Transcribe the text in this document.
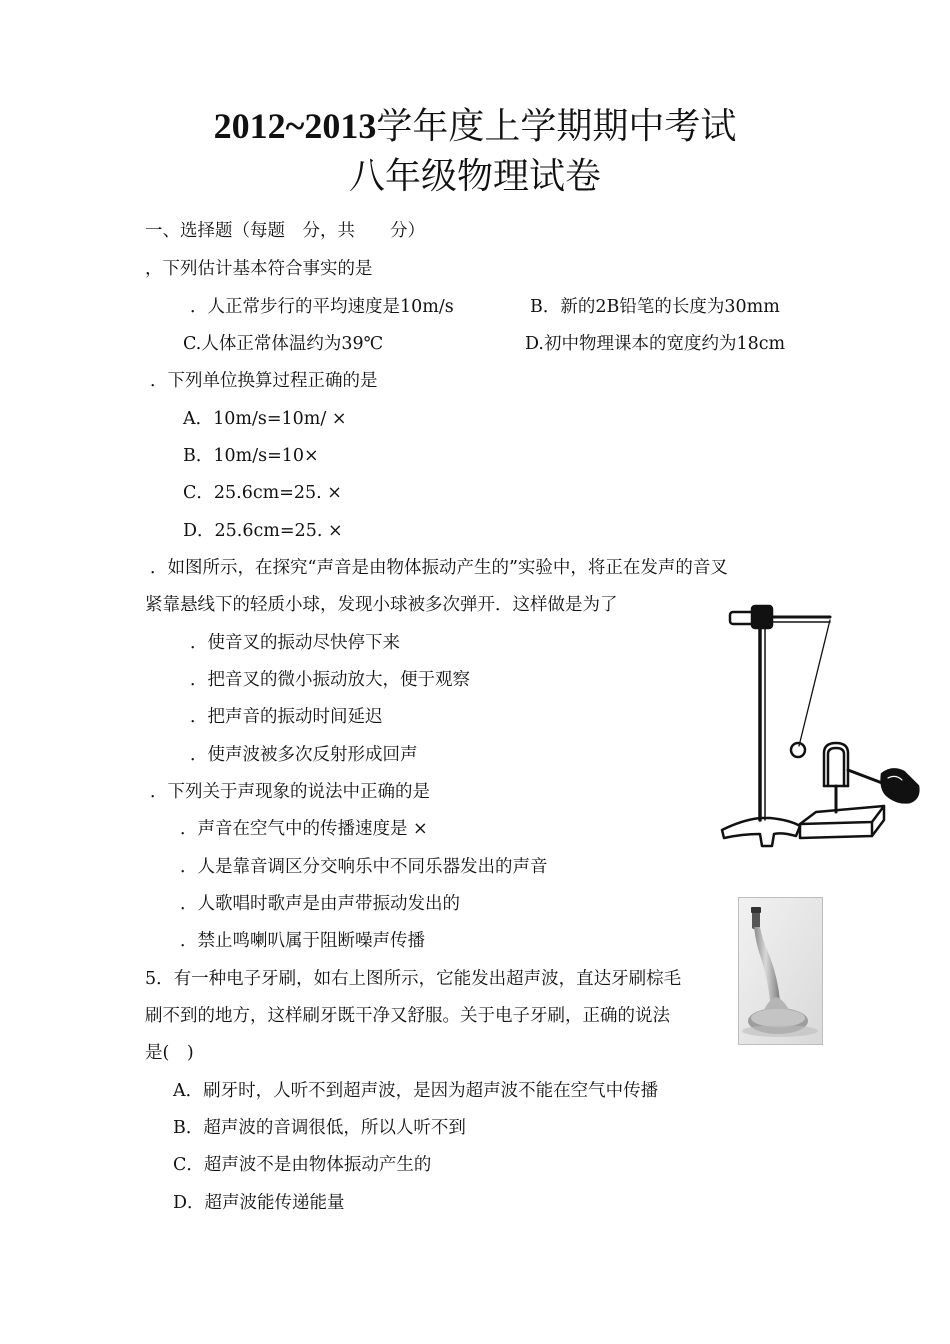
2012~2013学年度上学期期中考试
八年级物理试卷
一、选择题（每题　分，共　　分）
，下列估计基本符合事实的是
．人正常步行的平均速度是10m/s	B．新的2B铅笔的长度为30mm
C.人体正常体温约为39℃	D.初中物理课本的宽度约为18cm
．下列单位换算过程正确的是
A．10m/s=10m/ ×
B．10m/s=10×
C．25.6cm=25. ×
D．25.6cm=25. ×
．如图所示，在探究“声音是由物体振动产生的”实验中，将正在发声的音叉
紧靠悬线下的轻质小球，发现小球被多次弹开．这样做是为了
．使音叉的振动尽快停下来
．把音叉的微小振动放大，便于观察
．把声音的振动时间延迟
．使声波被多次反射形成回声
．下列关于声现象的说法中正确的是
．声音在空气中的传播速度是 ×
．人是靠音调区分交响乐中不同乐器发出的声音
．人歌唱时歌声是由声带振动发出的
．禁止鸣喇叭属于阻断噪声传播
5．有一种电子牙刷，如右上图所示，它能发出超声波，直达牙刷棕毛
刷不到的地方，这样刷牙既干净又舒服。关于电子牙刷，正确的说法
是(　)
A．刷牙时，人听不到超声波，是因为超声波不能在空气中传播
B．超声波的音调很低，所以人听不到
C．超声波不是由物体振动产生的
D．超声波能传递能量
